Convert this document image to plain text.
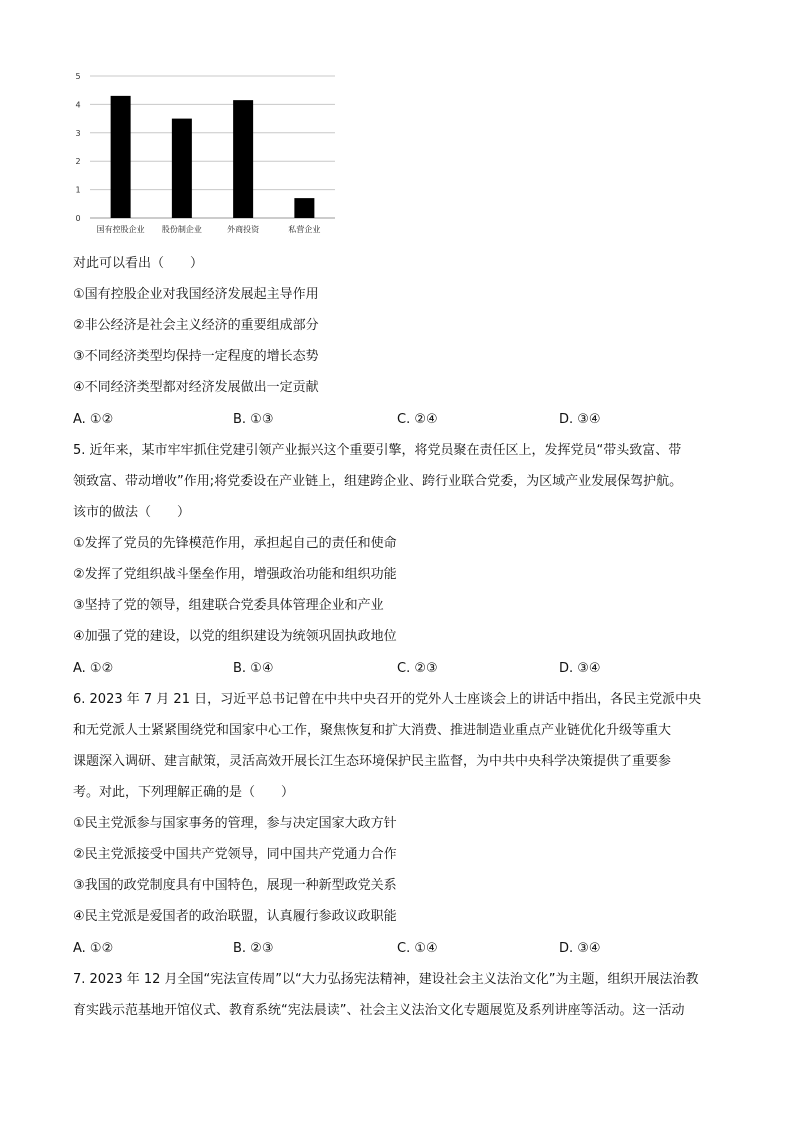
0
1
2
3
4
5
国有控股企业 股份制企业	外商投资	私营企业
对此可以看出（　　）
①国有控股企业对我国经济发展起主导作用
②非公经济是社会主义经济的重要组成部分
③不同经济类型均保持一定程度的增长态势
④不同经济类型都对经济发展做出一定贡献
A. ①②	B. ①③	C. ②④	D. ③④
5. 近年来，某市牢牢抓住党建引领产业振兴这个重要引擎，将党员聚在责任区上，发挥党员“带头致富、带
领致富、带动增收”作用;将党委设在产业链上，组建跨企业、跨行业联合党委，为区域产业发展保驾护航。
该市的做法（　　）
①发挥了党员的先锋模范作用，承担起自己的责任和使命
②发挥了党组织战斗堡垒作用，增强政治功能和组织功能
③坚持了党的领导，组建联合党委具体管理企业和产业
④加强了党的建设，以党的组织建设为统领巩固执政地位
A. ①②	B. ①④	C. ②③	D. ③④
6. 2023 年 7 月 21 日，习近平总书记曾在中共中央召开的党外人士座谈会上的讲话中指出，各民主党派中央
和无党派人士紧紧围绕党和国家中心工作，聚焦恢复和扩大消费、推进制造业重点产业链优化升级等重大
课题深入调研、建言献策，灵活高效开展长江生态环境保护民主监督，为中共中央科学决策提供了重要参
考。对此，下列理解正确的是（　　）
①民主党派参与国家事务的管理，参与决定国家大政方针
②民主党派接受中国共产党领导，同中国共产党通力合作
③我国的政党制度具有中国特色，展现一种新型政党关系
④民主党派是爱国者的政治联盟，认真履行参政议政职能
A. ①②	B. ②③	C. ①④	D. ③④
7. 2023 年 12 月全国“宪法宣传周”以“大力弘扬宪法精神，建设社会主义法治文化”为主题，组织开展法治教
育实践示范基地开馆仪式、教育系统“宪法晨读”、社会主义法治文化专题展览及系列讲座等活动。这一活动
